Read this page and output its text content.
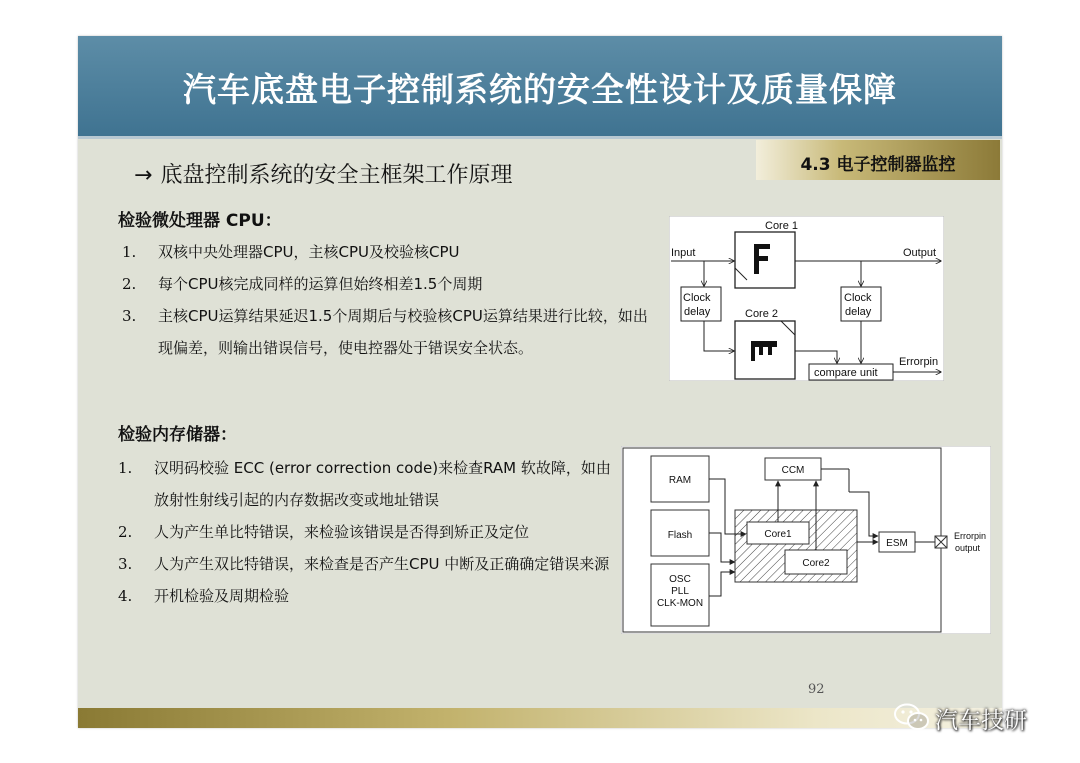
汽车底盘电子控制系统的安全性设计及质量保障
4.3 电子控制器监控
→ 底盘控制系统的安全主框架工作原理
检验微处理器 CPU：
1.	双核中央处理器CPU，主核CPU及校验核CPU
2.	每个CPU核完成同样的运算但始终相差1.5个周期
3.	主核CPU运算结果延迟1.5个周期后与校验核CPU运算结果进行比较，如出现偏差，则输出错误信号，使电控器处于错误安全状态。
Core 1
Core 2
Input	Output
Clock
delay
Clock
delay
compare unit
Errorpin
检验内存储器：
1.	汉明码校验 ECC (error correction code)来检查RAM 软故障，如由放射性射线引起的内存数据改变或地址错误
2.	人为产生单比特错误，来检验该错误是否得到矫正及定位
3.	人为产生双比特错误，来检查是否产生CPU 中断及正确确定错误来源
4.	开机检验及周期检验
RAM
Flash
OSC
PLL
CLK-MON
CCM
Core1
Core2
ESM
Errorpin
output
92
汽车技研
